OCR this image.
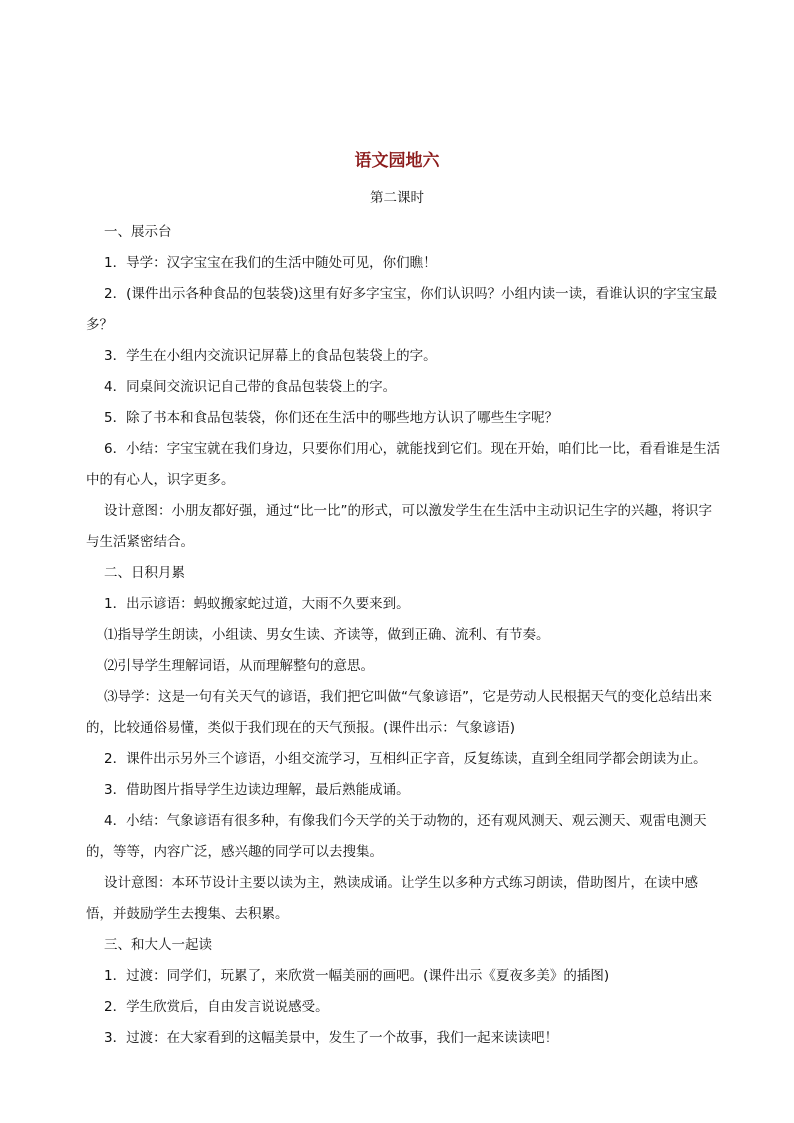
语文园地六
第二课时

一、展示台

1．导学：汉字宝宝在我们的生活中随处可见，你们瞧！

2．(课件出示各种食品的包装袋)这里有好多字宝宝，你们认识吗？小组内读一读，看谁认识的字宝宝最多？

3．学生在小组内交流识记屏幕上的食品包装袋上的字。

4．同桌间交流识记自己带的食品包装袋上的字。

5．除了书本和食品包装袋，你们还在生活中的哪些地方认识了哪些生字呢？

6．小结：字宝宝就在我们身边，只要你们用心，就能找到它们。现在开始，咱们比一比，看看谁是生活中的有心人，识字更多。

设计意图：小朋友都好强，通过“比一比”的形式，可以激发学生在生活中主动识记生字的兴趣，将识字与生活紧密结合。

二、日积月累

1．出示谚语：蚂蚁搬家蛇过道，大雨不久要来到。

⑴指导学生朗读，小组读、男女生读、齐读等，做到正确、流利、有节奏。

⑵引导学生理解词语，从而理解整句的意思。

⑶导学：这是一句有关天气的谚语，我们把它叫做“气象谚语”，它是劳动人民根据天气的变化总结出来的，比较通俗易懂，类似于我们现在的天气预报。(课件出示：气象谚语)

2．课件出示另外三个谚语，小组交流学习，互相纠正字音，反复练读，直到全组同学都会朗读为止。

3．借助图片指导学生边读边理解，最后熟能成诵。

4．小结：气象谚语有很多种，有像我们今天学的关于动物的，还有观风测天、观云测天、观雷电测天的，等等，内容广泛，感兴趣的同学可以去搜集。

设计意图：本环节设计主要以读为主，熟读成诵。让学生以多种方式练习朗读，借助图片，在读中感悟，并鼓励学生去搜集、去积累。

三、和大人一起读

1．过渡：同学们，玩累了，来欣赏一幅美丽的画吧。(课件出示《夏夜多美》的插图)

2．学生欣赏后，自由发言说说感受。

3．过渡：在大家看到的这幅美景中，发生了一个故事，我们一起来读读吧！
